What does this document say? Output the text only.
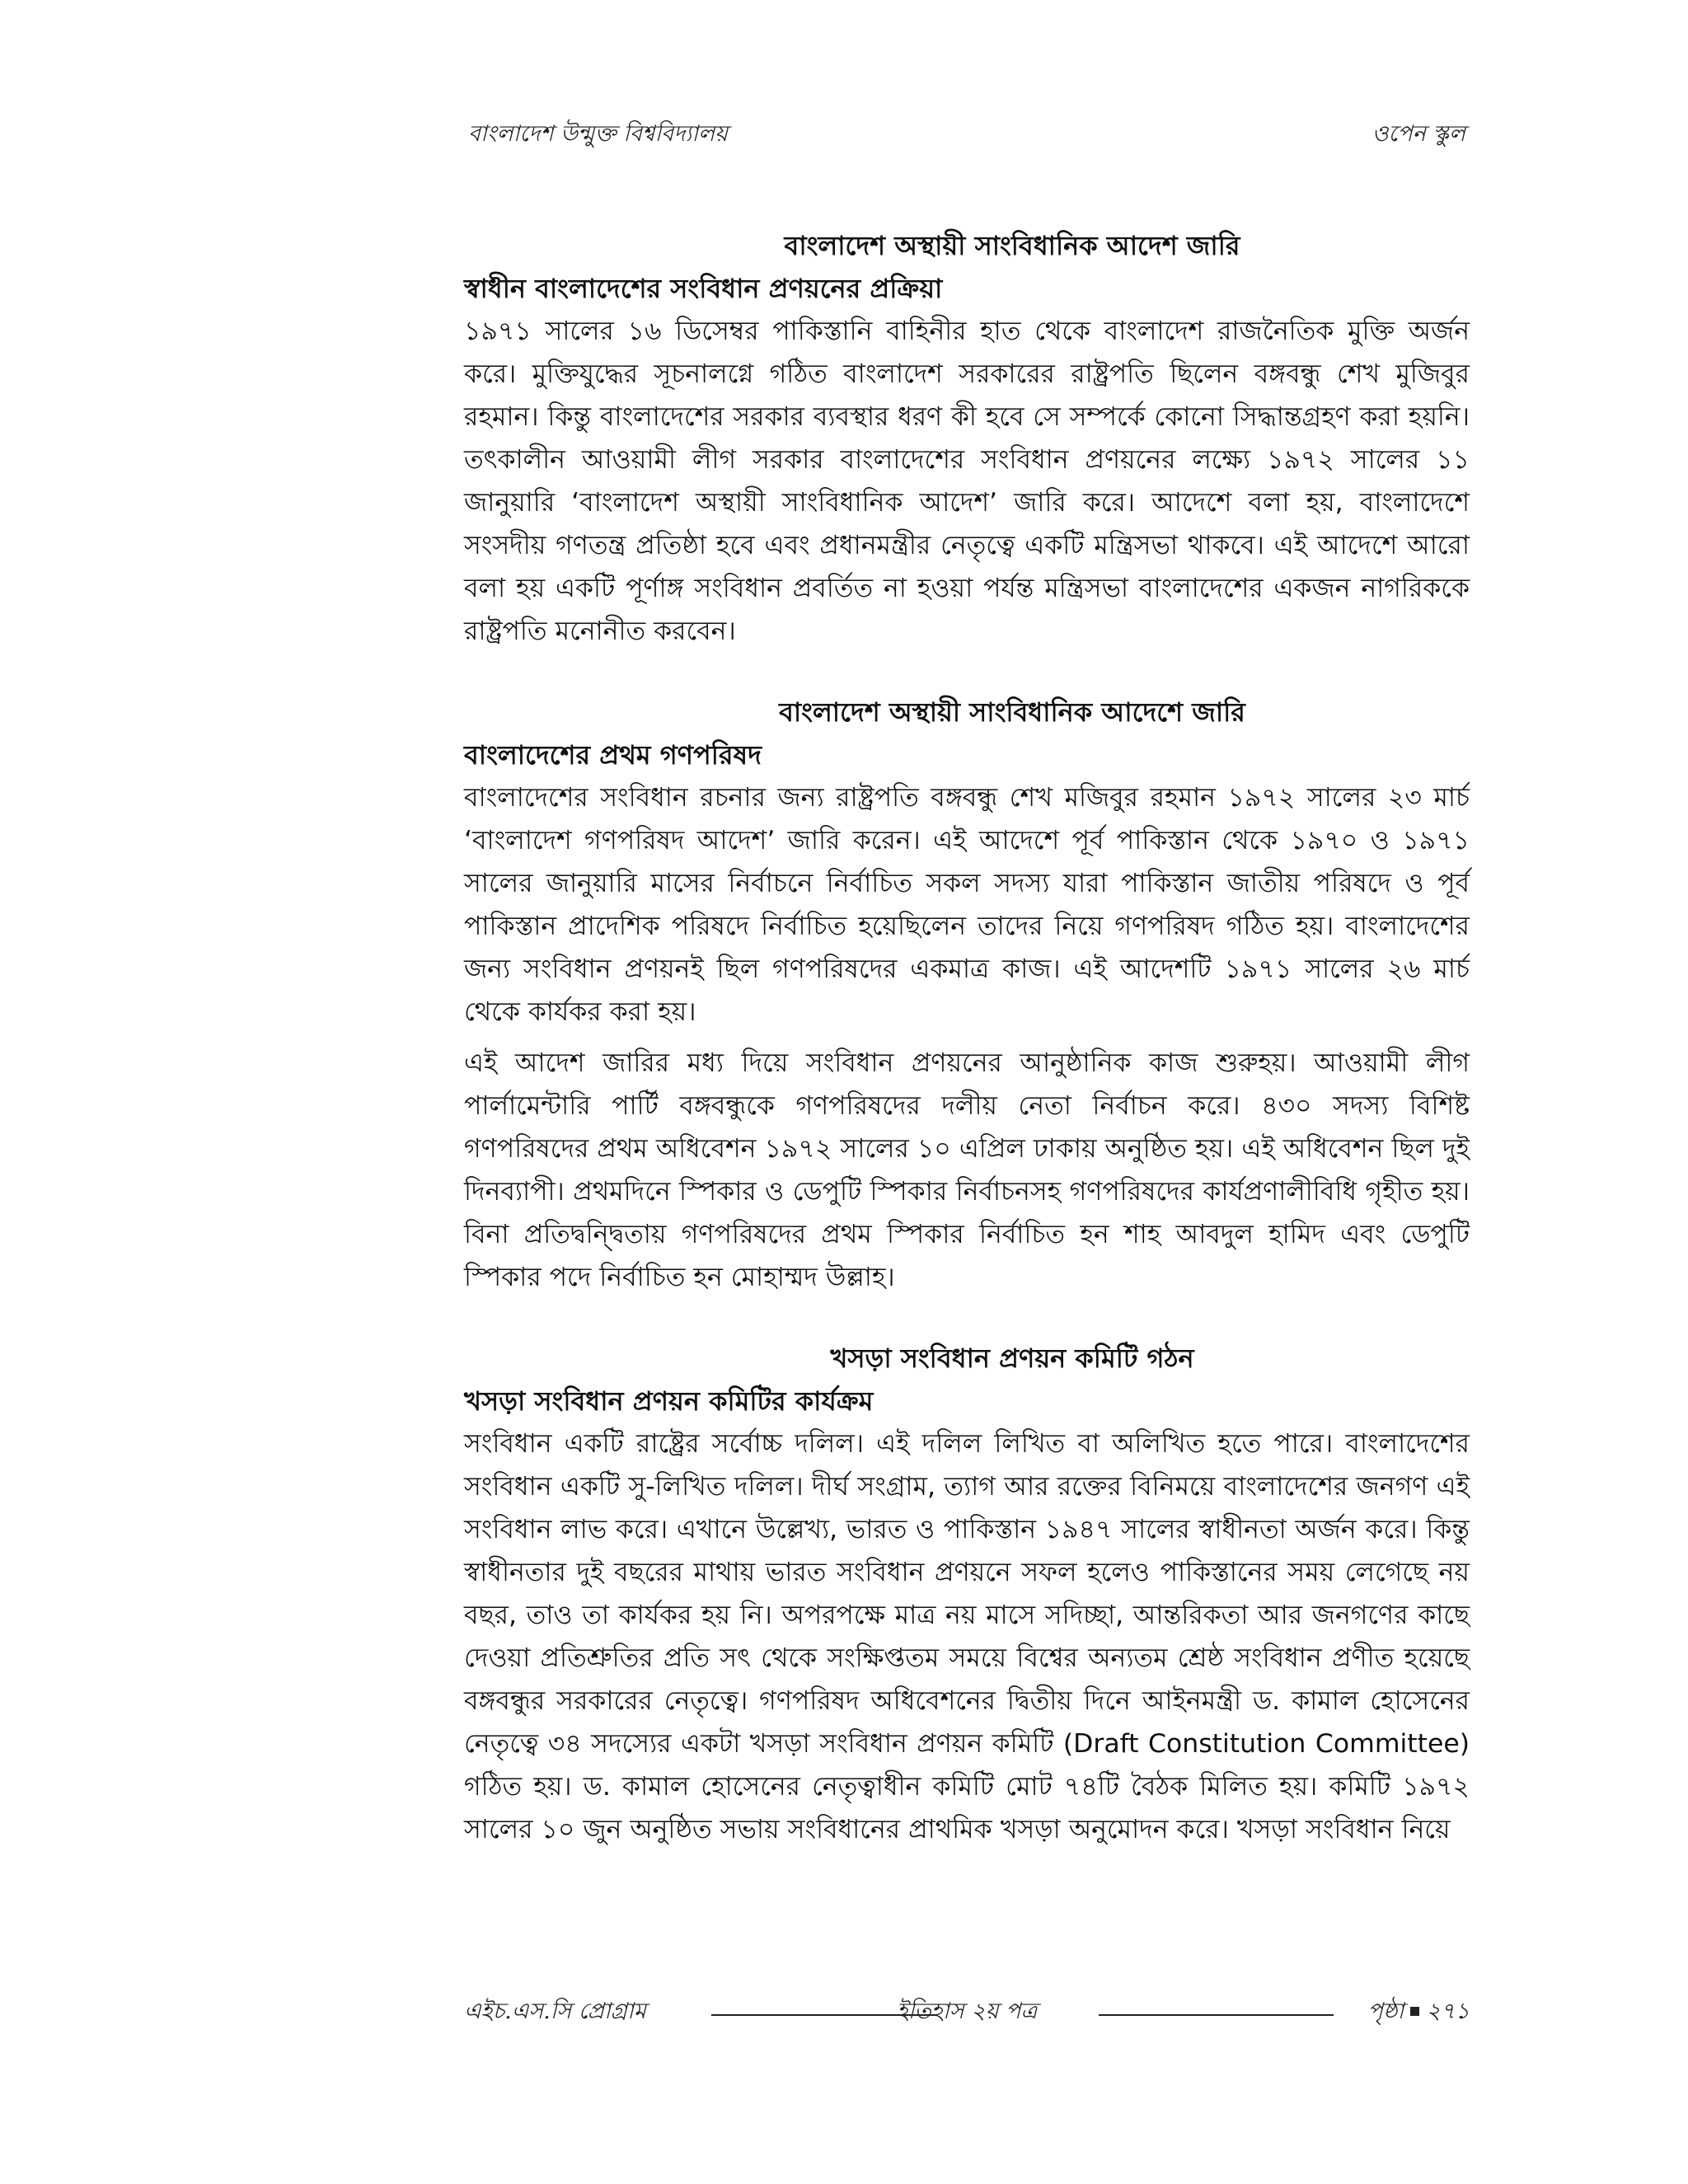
বাংলাদেশ উন্মুক্ত বিশ্ববিদ্যালয়	ওপেন স্কুল
বাংলাদেশ অস্থায়ী সাংবিধানিক আদেশ জারি
স্বাধীন বাংলাদেশের সংবিধান প্রণয়নের প্রক্রিয়া

১৯৭১ সালের ১৬ ডিসেম্বর পাকিস্তানি বাহিনীর হাত থেকে বাংলাদেশ রাজনৈতিক মুক্তি অর্জন করে। মুক্তিযুদ্ধের সূচনালগ্নে গঠিত বাংলাদেশ সরকারের রাষ্ট্রপতি ছিলেন বঙ্গবন্ধু শেখ মুজিবুর রহমান। কিন্তু বাংলাদেশের সরকার ব্যবস্থার ধরণ কী হবে সে সম্পর্কে কোনো সিদ্ধান্তগ্রহণ করা হয়নি। তৎকালীন আওয়ামী লীগ সরকার বাংলাদেশের সংবিধান প্রণয়নের লক্ষ্যে ১৯৭২ সালের ১১ জানুয়ারি ‘বাংলাদেশ অস্থায়ী সাংবিধানিক আদেশ’ জারি করে। আদেশে বলা হয়, বাংলাদেশে সংসদীয় গণতন্ত্র প্রতিষ্ঠা হবে এবং প্রধানমন্ত্রীর নেতৃত্বে একটি মন্ত্রিসভা থাকবে। এই আদেশে আরো বলা হয় একটি পূর্ণাঙ্গ সংবিধান প্রবর্তিত না হওয়া পর্যন্ত মন্ত্রিসভা বাংলাদেশের একজন নাগরিককে রাষ্ট্রপতি মনোনীত করবেন।

বাংলাদেশ অস্থায়ী সাংবিধানিক আদেশে জারি
বাংলাদেশের প্রথম গণপরিষদ

বাংলাদেশের সংবিধান রচনার জন্য রাষ্ট্রপতি বঙ্গবন্ধু শেখ মজিবুর রহমান ১৯৭২ সালের ২৩ মার্চ ‘বাংলাদেশ গণপরিষদ আদেশ’ জারি করেন। এই আদেশে পূর্ব পাকিস্তান থেকে ১৯৭০ ও ১৯৭১ সালের জানুয়ারি মাসের নির্বাচনে নির্বাচিত সকল সদস্য যারা পাকিস্তান জাতীয় পরিষদে ও পূর্ব পাকিস্তান প্রাদেশিক পরিষদে নির্বাচিত হয়েছিলেন তাদের নিয়ে গণপরিষদ গঠিত হয়। বাংলাদেশের জন্য সংবিধান প্রণয়নই ছিল গণপরিষদের একমাত্র কাজ। এই আদেশটি ১৯৭১ সালের ২৬ মার্চ থেকে কার্যকর করা হয়।

এই আদেশ জারির মধ্য দিয়ে সংবিধান প্রণয়নের আনুষ্ঠানিক কাজ শুরুহয়। আওয়ামী লীগ পার্লামেন্টারি পার্টি বঙ্গবন্ধুকে গণপরিষদের দলীয় নেতা নির্বাচন করে। ৪৩০ সদস্য বিশিষ্ট গণপরিষদের প্রথম অধিবেশন ১৯৭২ সালের ১০ এপ্রিল ঢাকায় অনুষ্ঠিত হয়। এই অধিবেশন ছিল দুই দিনব্যাপী। প্রথমদিনে স্পিকার ও ডেপুটি স্পিকার নির্বাচনসহ গণপরিষদের কার্যপ্রণালীবিধি গৃহীত হয়। বিনা প্রতিদ্বন্দ্বিতায় গণপরিষদের প্রথম স্পিকার নির্বাচিত হন শাহ আবদুল হামিদ এবং ডেপুটি স্পিকার পদে নির্বাচিত হন মোহাম্মদ উল্লাহ।

খসড়া সংবিধান প্রণয়ন কমিটি গঠন
খসড়া সংবিধান প্রণয়ন কমিটির কার্যক্রম

সংবিধান একটি রাষ্ট্রের সর্বোচ্চ দলিল। এই দলিল লিখিত বা অলিখিত হতে পারে। বাংলাদেশের সংবিধান একটি সু-লিখিত দলিল। দীর্ঘ সংগ্রাম, ত্যাগ আর রক্তের বিনিময়ে বাংলাদেশের জনগণ এই সংবিধান লাভ করে। এখানে উল্লেখ্য, ভারত ও পাকিস্তান ১৯৪৭ সালের স্বাধীনতা অর্জন করে। কিন্তু স্বাধীনতার দুই বছরের মাথায় ভারত সংবিধান প্রণয়নে সফল হলেও পাকিস্তানের সময় লেগেছে নয় বছর, তাও তা কার্যকর হয় নি। অপরপক্ষে মাত্র নয় মাসে সদিচ্ছা, আন্তরিকতা আর জনগণের কাছে দেওয়া প্রতিশ্রুতির প্রতি সৎ থেকে সংক্ষিপ্ততম সময়ে বিশ্বের অন্যতম শ্রেষ্ঠ সংবিধান প্রণীত হয়েছে বঙ্গবন্ধুর সরকারের নেতৃত্বে। গণপরিষদ অধিবেশনের দ্বিতীয় দিনে আইনমন্ত্রী ড. কামাল হোসেনের নেতৃত্বে ৩৪ সদস্যের একটা খসড়া সংবিধান প্রণয়ন কমিটি (Draft Constitution Committee) গঠিত হয়। ড. কামাল হোসেনের নেতৃত্বাধীন কমিটি মোট ৭৪টি বৈঠক মিলিত হয়। কমিটি ১৯৭২ সালের ১০ জুন অনুষ্ঠিত সভায় সংবিধানের প্রাথমিক খসড়া অনুমোদন করে। খসড়া সংবিধান নিয়ে

এইচ.এস.সি প্রোগ্রাম	ইতিহাস ২য় পত্র	পৃষ্ঠা ২৭১
